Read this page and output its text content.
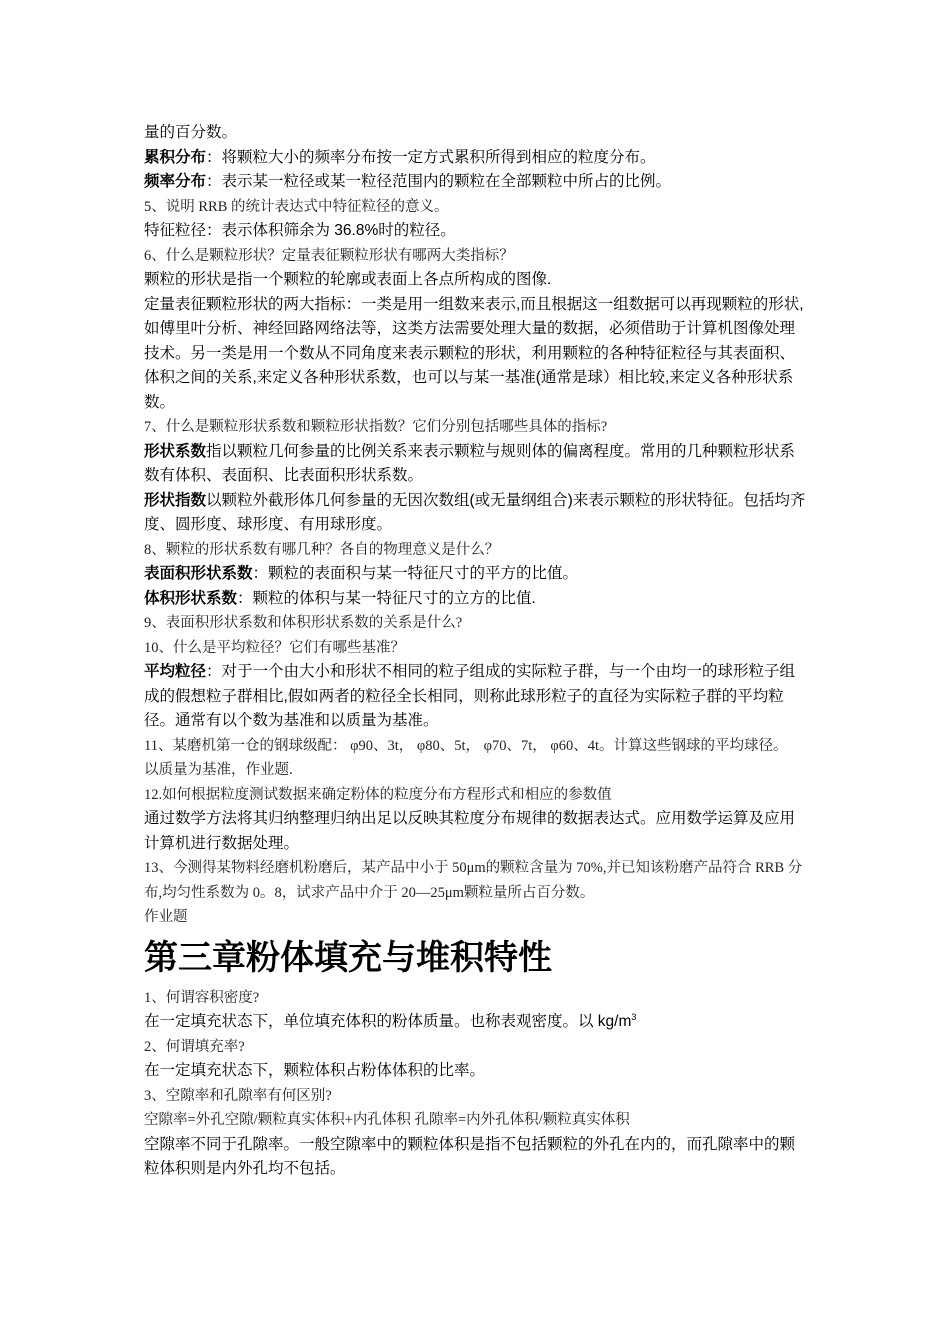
量的百分数。

累积分布：将颗粒大小的频率分布按一定方式累积所得到相应的粒度分布。

频率分布：表示某一粒径或某一粒径范围内的颗粒在全部颗粒中所占的比例。

5、说明 RRB 的统计表达式中特征粒径的意义。

特征粒径：表示体积筛余为 36.8%时的粒径。

6、什么是颗粒形状？定量表征颗粒形状有哪两大类指标？

颗粒的形状是指一个颗粒的轮廓或表面上各点所构成的图像.

定量表征颗粒形状的两大指标：一类是用一组数来表示,而且根据这一组数据可以再现颗粒的形状,如傅里叶分析、神经回路网络法等，这类方法需要处理大量的数据，必须借助于计算机图像处理技术。另一类是用一个数从不同角度来表示颗粒的形状，利用颗粒的各种特征粒径与其表面积、体积之间的关系,来定义各种形状系数，也可以与某一基准(通常是球）相比较,来定义各种形状系数。

7、什么是颗粒形状系数和颗粒形状指数？它们分别包括哪些具体的指标?

形状系数指以颗粒几何参量的比例关系来表示颗粒与规则体的偏离程度。常用的几种颗粒形状系数有体积、表面积、比表面积形状系数。

形状指数以颗粒外截形体几何参量的无因次数组(或无量纲组合)来表示颗粒的形状特征。包括均齐度、圆形度、球形度、有用球形度。

8、颗粒的形状系数有哪几种？各自的物理意义是什么？

表面积形状系数：颗粒的表面积与某一特征尺寸的平方的比值。

体积形状系数：颗粒的体积与某一特征尺寸的立方的比值.

9、表面积形状系数和体积形状系数的关系是什么?

10、什么是平均粒径？它们有哪些基准？

平均粒径：对于一个由大小和形状不相同的粒子组成的实际粒子群，与一个由均一的球形粒子组成的假想粒子群相比,假如两者的粒径全长相同，则称此球形粒子的直径为实际粒子群的平均粒径。通常有以个数为基准和以质量为基准。

11、某磨机第一仓的钢球级配： φ90、3t， φ80、5t， φ70、7t， φ60、4t。计算这些钢球的平均球径。

以质量为基准，作业题.

12.如何根据粒度测试数据来确定粉体的粒度分布方程形式和相应的参数值

通过数学方法将其归纳整理归纳出足以反映其粒度分布规律的数据表达式。应用数学运算及应用计算机进行数据处理。

13、今测得某物料经磨机粉磨后，某产品中小于 50μm的颗粒含量为 70%,并已知该粉磨产品符合 RRB 分布,均匀性系数为 0。8，试求产品中介于 20—25μm颗粒量所占百分数。

作业题

第三章粉体填充与堆积特性

1、何谓容积密度?

在一定填充状态下，单位填充体积的粉体质量。也称表观密度。以 $kg/m^3$

2、何谓填充率?

在一定填充状态下，颗粒体积占粉体体积的比率。

3、空隙率和孔隙率有何区别?

空隙率=外孔空隙/颗粒真实体积+内孔体积 孔隙率=内外孔体积/颗粒真实体积

空隙率不同于孔隙率。一般空隙率中的颗粒体积是指不包括颗粒的外孔在内的，而孔隙率中的颗粒体积则是内外孔均不包括。
